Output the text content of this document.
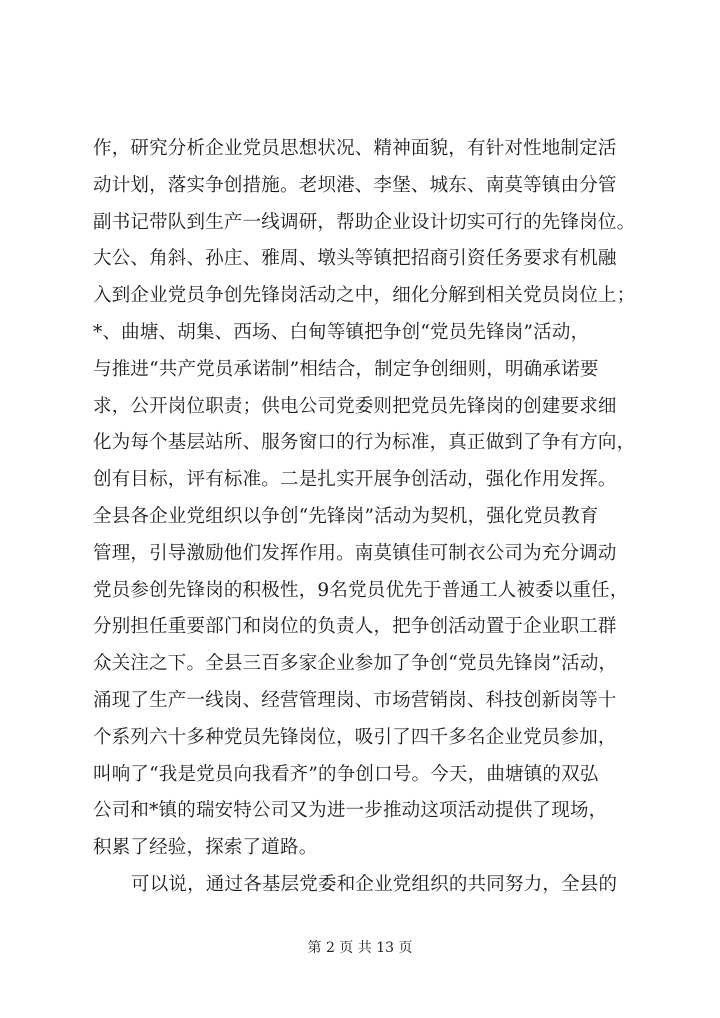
作，研究分析企业党员思想状况、精神面貌，有针对性地制定活
动计划，落实争创措施。老坝港、李堡、城东、南莫等镇由分管
副书记带队到生产一线调研，帮助企业设计切实可行的先锋岗位。
大公、角斜、孙庄、雅周、墩头等镇把招商引资任务要求有机融
入到企业党员争创先锋岗活动之中，细化分解到相关党员岗位上；
*、曲塘、胡集、西场、白甸等镇把争创“党员先锋岗”活动，
与推进“共产党员承诺制”相结合，制定争创细则，明确承诺要
求，公开岗位职责；供电公司党委则把党员先锋岗的创建要求细
化为每个基层站所、服务窗口的行为标准，真正做到了争有方向，
创有目标，评有标准。二是扎实开展争创活动，强化作用发挥。
全县各企业党组织以争创“先锋岗”活动为契机，强化党员教育
管理，引导激励他们发挥作用。南莫镇佳可制衣公司为充分调动
党员参创先锋岗的积极性，9名党员优先于普通工人被委以重任，
分别担任重要部门和岗位的负责人，把争创活动置于企业职工群
众关注之下。全县三百多家企业参加了争创“党员先锋岗”活动，
涌现了生产一线岗、经营管理岗、市场营销岗、科技创新岗等十
个系列六十多种党员先锋岗位，吸引了四千多名企业党员参加，
叫响了“我是党员向我看齐”的争创口号。今天，曲塘镇的双弘
公司和*镇的瑞安特公司又为进一步推动这项活动提供了现场，
积累了经验，探索了道路。
可以说，通过各基层党委和企业党组织的共同努力，全县的
第 2 页 共 13 页
